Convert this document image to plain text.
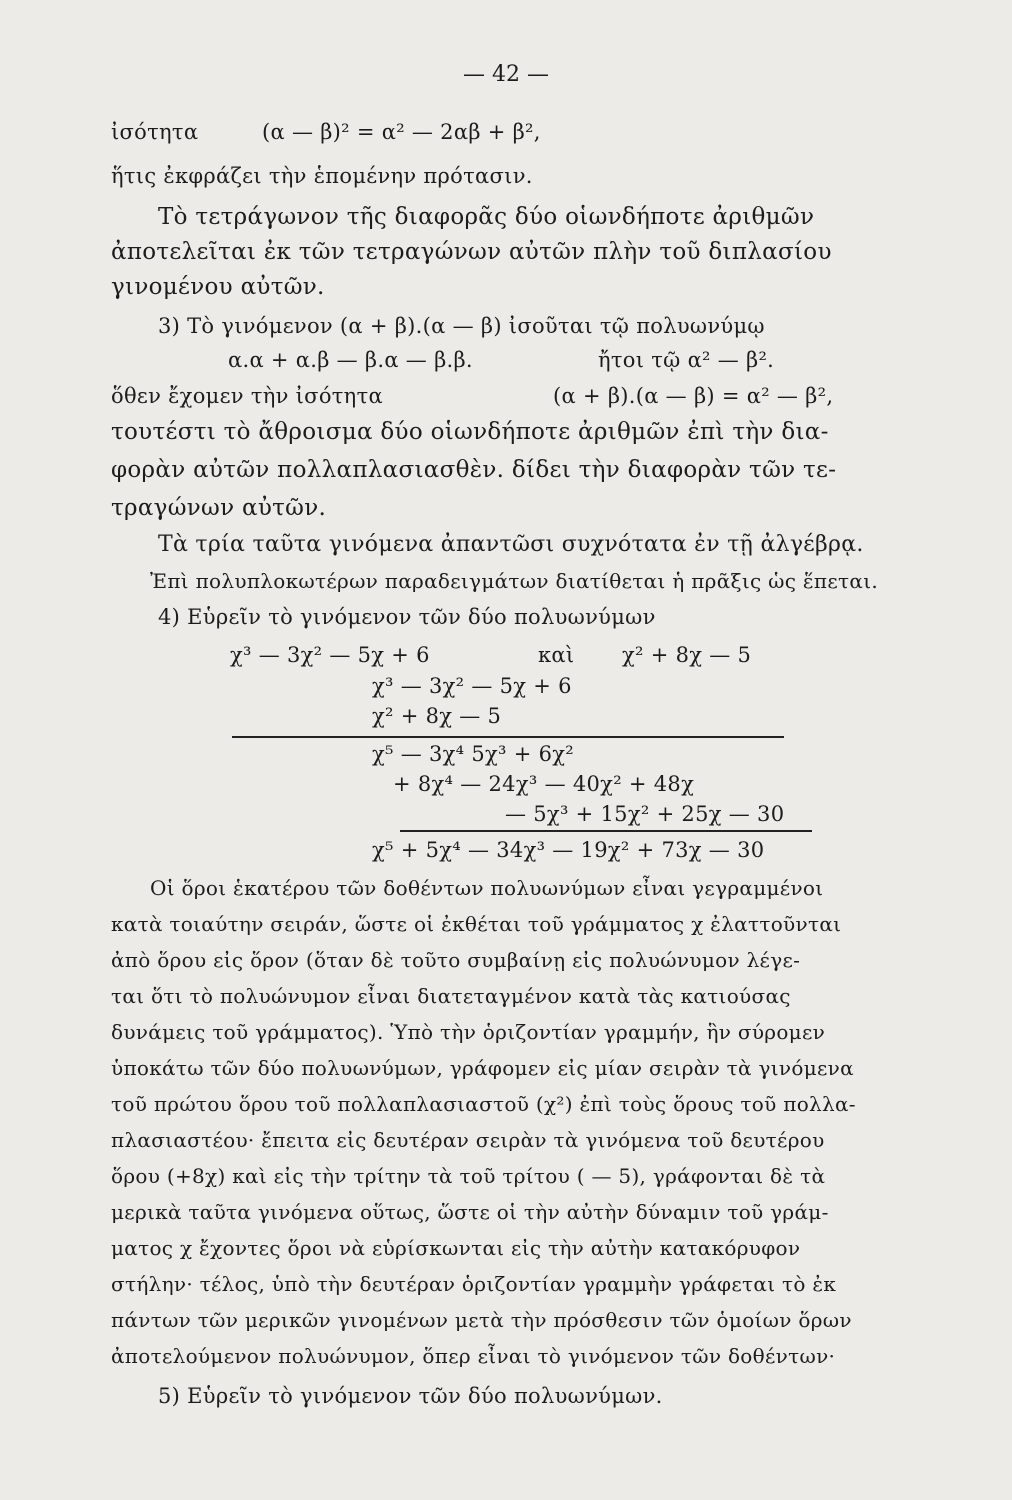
— 42 —
ἰσότητα	(α — β)² = α² — 2αβ + β²,
ἥτις ἐκφράζει τὴν ἑπομένην πρότασιν.
Τὸ τετράγωνον τῆς διαφορᾶς δύο οἱωνδήποτε ἀριθμῶν
ἀποτελεῖται ἐκ τῶν τετραγώνων αὐτῶν πλὴν τοῦ διπλασίου
γινομένου αὐτῶν.
3) Τὸ γινόμενον (α + β).(α — β) ἰσοῦται τῷ πολυωνύμῳ
α.α + α.β — β.α — β.β.	ἤτοι τῷ α² — β².
ὅθεν ἔχομεν τὴν ἰσότητα	(α + β).(α — β) = α² — β²,
τουτέστι τὸ ἄθροισμα δύο οἱωνδήποτε ἀριθμῶν ἐπὶ τὴν δια-
φορὰν αὐτῶν πολλαπλασιασθὲν. δίδει τὴν διαφορὰν τῶν τε-
τραγώνων αὐτῶν.
Τὰ τρία ταῦτα γινόμενα ἀπαντῶσι συχνότατα ἐν τῇ ἀλγέβρᾳ.
Ἐπὶ πολυπλοκωτέρων παραδειγμάτων διατίθεται ἡ πρᾶξις ὡς ἕπεται.
4) Εὑρεῖν τὸ γινόμενον τῶν δύο πολυωνύμων
χ³ — 3χ² — 5χ + 6	καὶ χ² + 8χ — 5
χ³ — 3χ² — 5χ + 6
χ² + 8χ — 5
χ⁵ — 3χ⁴ 5χ³ + 6χ²
+ 8χ⁴ — 24χ³ — 40χ² + 48χ
— 5χ³ + 15χ² + 25χ — 30
χ⁵ + 5χ⁴ — 34χ³ — 19χ² + 73χ — 30
Οἱ ὅροι ἑκατέρου τῶν δοθέντων πολυωνύμων εἶναι γεγραμμένοι
κατὰ τοιαύτην σειράν, ὥστε οἱ ἐκθέται τοῦ γράμματος χ ἐλαττοῦνται
ἀπὸ ὅρου εἰς ὅρον (ὅταν δὲ τοῦτο συμβαίνῃ εἰς πολυώνυμον λέγε-
ται ὅτι τὸ πολυώνυμον εἶναι διατεταγμένον κατὰ τὰς κατιούσας
δυνάμεις τοῦ γράμματος). Ὑπὸ τὴν ὁριζοντίαν γραμμήν, ἣν σύρομεν
ὑποκάτω τῶν δύο πολυωνύμων, γράφομεν εἰς μίαν σειρὰν τὰ γινόμενα
τοῦ πρώτου ὅρου τοῦ πολλαπλασιαστοῦ (χ²) ἐπὶ τοὺς ὅρους τοῦ πολλα-
πλασιαστέου· ἔπειτα εἰς δευτέραν σειρὰν τὰ γινόμενα τοῦ δευτέρου
ὅρου (+8χ) καὶ εἰς τὴν τρίτην τὰ τοῦ τρίτου ( — 5), γράφονται δὲ τὰ
μερικὰ ταῦτα γινόμενα οὕτως, ὥστε οἱ τὴν αὐτὴν δύναμιν τοῦ γράμ-
ματος χ ἔχοντες ὅροι νὰ εὑρίσκωνται εἰς τὴν αὐτὴν κατακόρυφον
στήλην· τέλος, ὑπὸ τὴν δευτέραν ὁριζοντίαν γραμμὴν γράφεται τὸ ἐκ
πάντων τῶν μερικῶν γινομένων μετὰ τὴν πρόσθεσιν τῶν ὁμοίων ὅρων
ἀποτελούμενον πολυώνυμον, ὅπερ εἶναι τὸ γινόμενον τῶν δοθέντων·
5) Εὑρεῖν τὸ γινόμενον τῶν δύο πολυωνύμων.
